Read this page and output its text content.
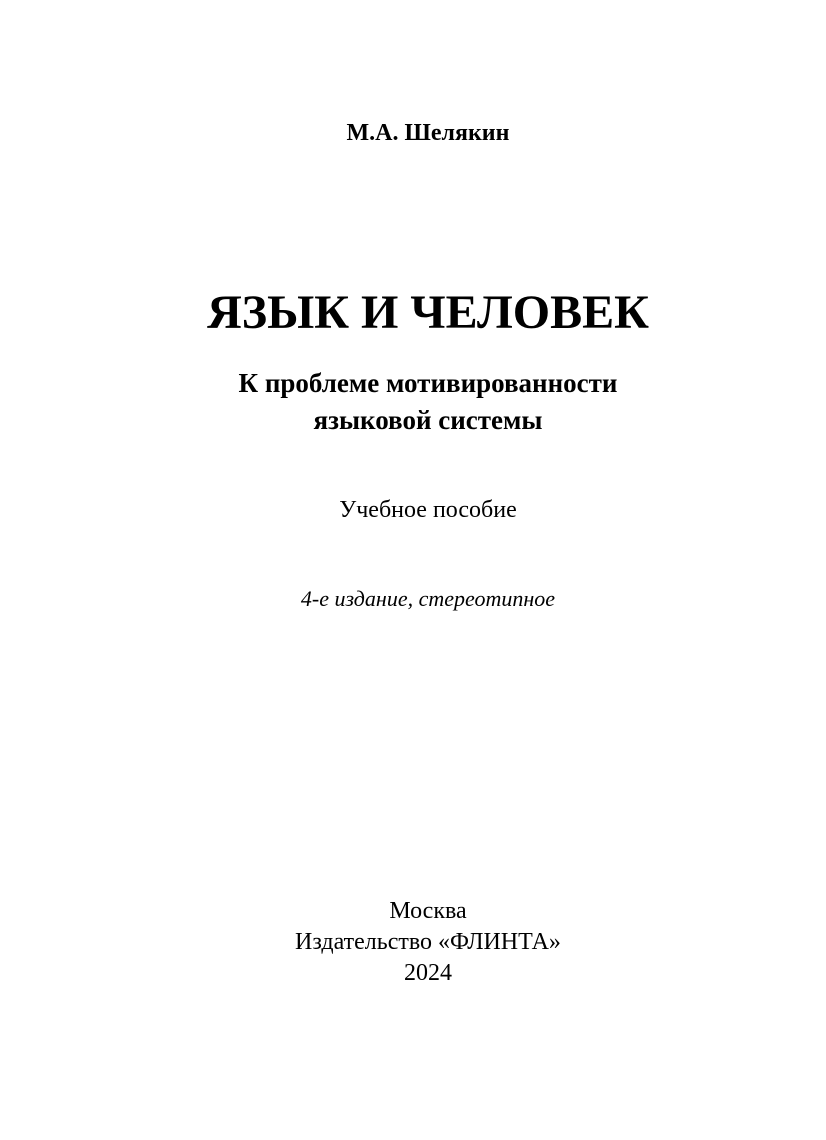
М.А. Шелякин
ЯЗЫК И ЧЕЛОВЕК
К проблеме мотивированности
языковой системы
Учебное пособие
4-е издание, стереотипное
Москва
Издательство «ФЛИНТА»
2024
